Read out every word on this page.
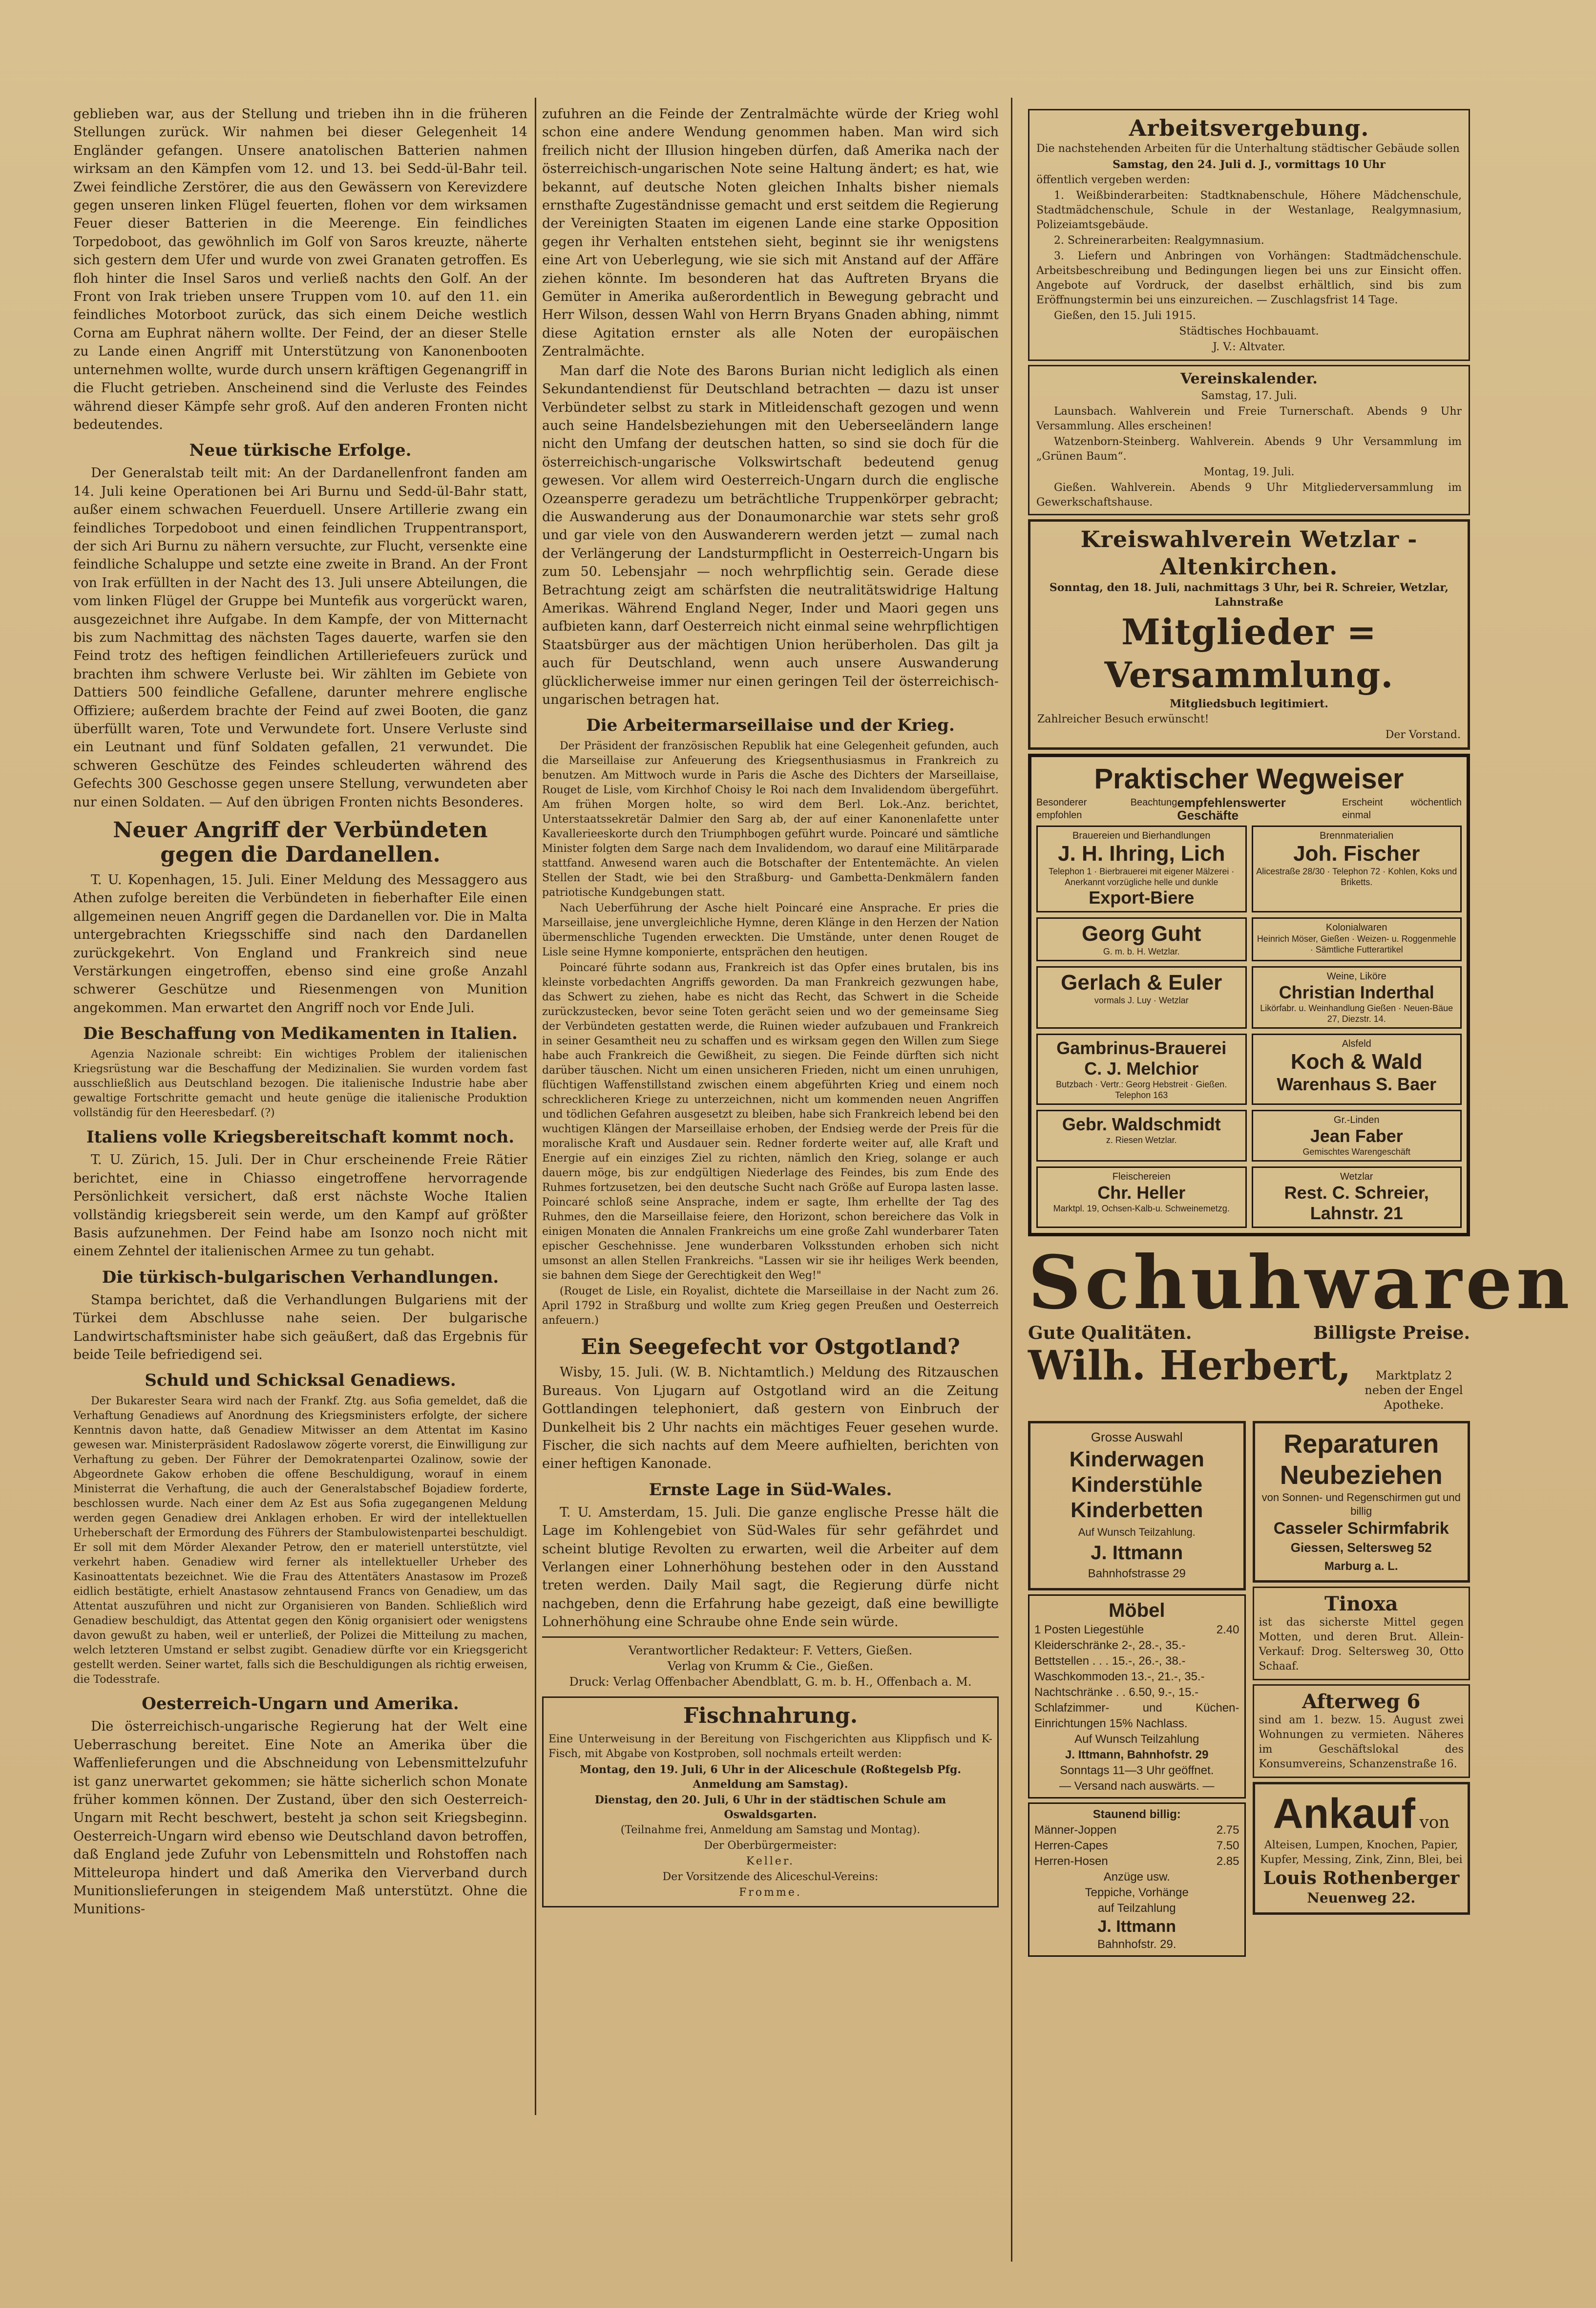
geblieben war, aus der Stellung und trieben ihn in die früheren Stellungen zurück. Wir nahmen bei dieser Gelegenheit 14 Engländer gefangen. Unsere anatolischen Batterien nahmen wirksam an den Kämpfen vom 12. und 13. bei Sedd-ül-Bahr teil. Zwei feindliche Zerstörer, die aus den Gewässern von Kerevizdere gegen unseren linken Flügel feuerten, flohen vor dem wirksamen Feuer dieser Batterien in die Meerenge. Ein feindliches Torpedoboot, das gewöhnlich im Golf von Saros kreuzte, näherte sich gestern dem Ufer und wurde von zwei Granaten getroffen. Es floh hinter die Insel Saros und verließ nachts den Golf. An der Front von Irak trieben unsere Truppen vom 10. auf den 11. ein feindliches Motorboot zurück, das sich einem Deiche westlich Corna am Euphrat nähern wollte. Der Feind, der an dieser Stelle zu Lande einen Angriff mit Unterstützung von Kanonenbooten unternehmen wollte, wurde durch unsern kräftigen Gegenangriff in die Flucht getrieben. Anscheinend sind die Verluste des Feindes während dieser Kämpfe sehr groß. Auf den anderen Fronten nicht bedeutendes.

Neue türkische Erfolge.

Der Generalstab teilt mit: An der Dardanellenfront fanden am 14. Juli keine Operationen bei Ari Burnu und Sedd-ül-Bahr statt, außer einem schwachen Feuerduell. Unsere Artillerie zwang ein feindliches Torpedoboot und einen feindlichen Truppentransport, der sich Ari Burnu zu nähern versuchte, zur Flucht, versenkte eine feindliche Schaluppe und setzte eine zweite in Brand. An der Front von Irak erfüllten in der Nacht des 13. Juli unsere Abteilungen, die vom linken Flügel der Gruppe bei Muntefik aus vorgerückt waren, ausgezeichnet ihre Aufgabe. In dem Kampfe, der von Mitternacht bis zum Nachmittag des nächsten Tages dauerte, warfen sie den Feind trotz des heftigen feindlichen Artilleriefeuers zurück und brachten ihm schwere Verluste bei. Wir zählten im Gebiete von Dattiers 500 feindliche Gefallene, darunter mehrere englische Offiziere; außerdem brachte der Feind auf zwei Booten, die ganz überfüllt waren, Tote und Verwundete fort. Unsere Verluste sind ein Leutnant und fünf Soldaten gefallen, 21 verwundet. Die schweren Geschütze des Feindes schleuderten während des Gefechts 300 Geschosse gegen unsere Stellung, verwundeten aber nur einen Soldaten. — Auf den übrigen Fronten nichts Besonderes.

Neuer Angriff der Verbündeten gegen die Dardanellen.

T. U. Kopenhagen, 15. Juli. Einer Meldung des Messaggero aus Athen zufolge bereiten die Verbündeten in fieberhafter Eile einen allgemeinen neuen Angriff gegen die Dardanellen vor. Die in Malta untergebrachten Kriegsschiffe sind nach den Dardanellen zurückgekehrt. Von England und Frankreich sind neue Verstärkungen eingetroffen, ebenso sind eine große Anzahl schwerer Geschütze und Riesenmengen von Munition angekommen. Man erwartet den Angriff noch vor Ende Juli.

Die Beschaffung von Medikamenten in Italien.

Agenzia Nazionale schreibt: Ein wichtiges Problem der italienischen Kriegsrüstung war die Beschaffung der Medizinalien. Sie wurden vordem fast ausschließlich aus Deutschland bezogen. Die italienische Industrie habe aber gewaltige Fortschritte gemacht und heute genüge die italienische Produktion vollständig für den Heeresbedarf. (?)

Italiens volle Kriegsbereitschaft kommt noch.

T. U. Zürich, 15. Juli. Der in Chur erscheinende Freie Rätier berichtet, eine in Chiasso eingetroffene hervorragende Persönlichkeit versichert, daß erst nächste Woche Italien vollständig kriegsbereit sein werde, um den Kampf auf größter Basis aufzunehmen. Der Feind habe am Isonzo noch nicht mit einem Zehntel der italienischen Armee zu tun gehabt.

Die türkisch-bulgarischen Verhandlungen.

Stampa berichtet, daß die Verhandlungen Bulgariens mit der Türkei dem Abschlusse nahe seien. Der bulgarische Landwirtschaftsminister habe sich geäußert, daß das Ergebnis für beide Teile befriedigend sei.

Schuld und Schicksal Genadiews.

Der Bukarester Seara wird nach der Frankf. Ztg. aus Sofia gemeldet, daß die Verhaftung Genadiews auf Anordnung des Kriegsministers erfolgte, der sichere Kenntnis davon hatte, daß Genadiew Mitwisser an dem Attentat im Kasino gewesen war. Ministerpräsident Radoslawow zögerte vorerst, die Einwilligung zur Verhaftung zu geben. Der Führer der Demokratenpartei Ozalinow, sowie der Abgeordnete Gakow erhoben die offene Beschuldigung, worauf in einem Ministerrat die Verhaftung, die auch der Generalstabschef Bojadiew forderte, beschlossen wurde. Nach einer dem Az Est aus Sofia zugegangenen Meldung werden gegen Genadiew drei Anklagen erhoben. Er wird der intellektuellen Urheberschaft der Ermordung des Führers der Stambulowistenpartei beschuldigt. Er soll mit dem Mörder Alexander Petrow, den er materiell unterstützte, viel verkehrt haben. Genadiew wird ferner als intellektueller Urheber des Kasinoattentats bezeichnet. Wie die Frau des Attentäters Anastasow im Prozeß eidlich bestätigte, erhielt Anastasow zehntausend Francs von Genadiew, um das Attentat auszuführen und nicht zur Organisieren von Banden. Schließlich wird Genadiew beschuldigt, das Attentat gegen den König organisiert oder wenigstens davon gewußt zu haben, weil er unterließ, der Polizei die Mitteilung zu machen, welch letzteren Umstand er selbst zugibt. Genadiew dürfte vor ein Kriegsgericht gestellt werden. Seiner wartet, falls sich die Beschuldigungen als richtig erweisen, die Todesstrafe.

Oesterreich-Ungarn und Amerika.

Die österreichisch-ungarische Regierung hat der Welt eine Ueberraschung bereitet. Eine Note an Amerika über die Waffenlieferungen und die Abschneidung von Lebensmittelzufuhr ist ganz unerwartet gekommen; sie hätte sicherlich schon Monate früher kommen können. Der Zustand, über den sich Oesterreich-Ungarn mit Recht beschwert, besteht ja schon seit Kriegsbeginn. Oesterreich-Ungarn wird ebenso wie Deutschland davon betroffen, daß England jede Zufuhr von Lebensmitteln und Rohstoffen nach Mitteleuropa hindert und daß Amerika den Vierverband durch Munitionslieferungen in steigendem Maß unterstützt. Ohne die Munitions-

zufuhren an die Feinde der Zentralmächte würde der Krieg wohl schon eine andere Wendung genommen haben. Man wird sich freilich nicht der Illusion hingeben dürfen, daß Amerika nach der österreichisch-ungarischen Note seine Haltung ändert; es hat, wie bekannt, auf deutsche Noten gleichen Inhalts bisher niemals ernsthafte Zugeständnisse gemacht und erst seitdem die Regierung der Vereinigten Staaten im eigenen Lande eine starke Opposition gegen ihr Verhalten entstehen sieht, beginnt sie ihr wenigstens eine Art von Ueberlegung, wie sie sich mit Anstand auf der Affäre ziehen könnte. Im besonderen hat das Auftreten Bryans die Gemüter in Amerika außerordentlich in Bewegung gebracht und Herr Wilson, dessen Wahl von Herrn Bryans Gnaden abhing, nimmt diese Agitation ernster als alle Noten der europäischen Zentralmächte.

Man darf die Note des Barons Burian nicht lediglich als einen Sekundantendienst für Deutschland betrachten — dazu ist unser Verbündeter selbst zu stark in Mitleidenschaft gezogen und wenn auch seine Handelsbeziehungen mit den Ueberseeländern lange nicht den Umfang der deutschen hatten, so sind sie doch für die österreichisch-ungarische Volkswirtschaft bedeutend genug gewesen. Vor allem wird Oesterreich-Ungarn durch die englische Ozeansperre geradezu um beträchtliche Truppenkörper gebracht; die Auswanderung aus der Donaumonarchie war stets sehr groß und gar viele von den Auswanderern werden jetzt — zumal nach der Verlängerung der Landsturmpflicht in Oesterreich-Ungarn bis zum 50. Lebensjahr — noch wehrpflichtig sein. Gerade diese Betrachtung zeigt am schärfsten die neutralitätswidrige Haltung Amerikas. Während England Neger, Inder und Maori gegen uns aufbieten kann, darf Oesterreich nicht einmal seine wehrpflichtigen Staatsbürger aus der mächtigen Union herüberholen. Das gilt ja auch für Deutschland, wenn auch unsere Auswanderung glücklicherweise immer nur einen geringen Teil der österreichisch-ungarischen betragen hat.

Die Arbeitermarseillaise und der Krieg.

Der Präsident der französischen Republik hat eine Gelegenheit gefunden, auch die Marseillaise zur Anfeuerung des Kriegsenthusiasmus in Frankreich zu benutzen. Am Mittwoch wurde in Paris die Asche des Dichters der Marseillaise, Rouget de Lisle, vom Kirchhof Choisy le Roi nach dem Invalidendom übergeführt. Am frühen Morgen holte, so wird dem Berl. Lok.-Anz. berichtet, Unterstaatssekretär Dalmier den Sarg ab, der auf einer Kanonenlafette unter Kavallerieeskorte durch den Triumphbogen geführt wurde. Poincaré und sämtliche Minister folgten dem Sarge nach dem Invalidendom, wo darauf eine Militärparade stattfand. Anwesend waren auch die Botschafter der Ententemächte. An vielen Stellen der Stadt, wie bei den Straßburg- und Gambetta-Denkmälern fanden patriotische Kundgebungen statt.

Nach Ueberführung der Asche hielt Poincaré eine Ansprache. Er pries die Marseillaise, jene unvergleichliche Hymne, deren Klänge in den Herzen der Nation übermenschliche Tugenden erweckten. Die Umstände, unter denen Rouget de Lisle seine Hymne komponierte, entsprächen den heutigen.

Poincaré führte sodann aus, Frankreich ist das Opfer eines brutalen, bis ins kleinste vorbedachten Angriffs geworden. Da man Frankreich gezwungen habe, das Schwert zu ziehen, habe es nicht das Recht, das Schwert in die Scheide zurückzustecken, bevor seine Toten gerächt seien und wo der gemeinsame Sieg der Verbündeten gestatten werde, die Ruinen wieder aufzubauen und Frankreich in seiner Gesamtheit neu zu schaffen und es wirksam gegen den Willen zum Siege habe auch Frankreich die Gewißheit, zu siegen. Die Feinde dürften sich nicht darüber täuschen. Nicht um einen unsicheren Frieden, nicht um einen unruhigen, flüchtigen Waffenstillstand zwischen einem abgeführten Krieg und einem noch schrecklicheren Kriege zu unterzeichnen, nicht um kommenden neuen Angriffen und tödlichen Gefahren ausgesetzt zu bleiben, habe sich Frankreich lebend bei den wuchtigen Klängen der Marseillaise erhoben, der Endsieg werde der Preis für die moralische Kraft und Ausdauer sein. Redner forderte weiter auf, alle Kraft und Energie auf ein einziges Ziel zu richten, nämlich den Krieg, solange er auch dauern möge, bis zur endgültigen Niederlage des Feindes, bis zum Ende des Ruhmes fortzusetzen, bei den deutsche Sucht nach Größe auf Europa lasten lasse. Poincaré schloß seine Ansprache, indem er sagte, Ihm erhellte der Tag des Ruhmes, den die Marseillaise feiere, den Horizont, schon bereichere das Volk in einigen Monaten die Annalen Frankreichs um eine große Zahl wunderbarer Taten epischer Geschehnisse. Jene wunderbaren Volksstunden erhoben sich nicht umsonst an allen Stellen Frankreichs. "Lassen wir sie ihr heiliges Werk beenden, sie bahnen dem Siege der Gerechtigkeit den Weg!"

(Rouget de Lisle, ein Royalist, dichtete die Marseillaise in der Nacht zum 26. April 1792 in Straßburg und wollte zum Krieg gegen Preußen und Oesterreich anfeuern.)

Ein Seegefecht vor Ostgotland?

Wisby, 15. Juli. (W. B. Nichtamtlich.) Meldung des Ritzauschen Bureaus. Von Ljugarn auf Ostgotland wird an die Zeitung Gottlandingen telephoniert, daß gestern von Einbruch der Dunkelheit bis 2 Uhr nachts ein mächtiges Feuer gesehen wurde. Fischer, die sich nachts auf dem Meere aufhielten, berichten von einer heftigen Kanonade.

Ernste Lage in Süd-Wales.

T. U. Amsterdam, 15. Juli. Die ganze englische Presse hält die Lage im Kohlengebiet von Süd-Wales für sehr gefährdet und scheint blutige Revolten zu erwarten, weil die Arbeiter auf dem Verlangen einer Lohnerhöhung bestehen oder in den Ausstand treten werden. Daily Mail sagt, die Regierung dürfe nicht nachgeben, denn die Erfahrung habe gezeigt, daß eine bewilligte Lohnerhöhung eine Schraube ohne Ende sein würde.

Verantwortlicher Redakteur: F. Vetters, Gießen.
Verlag von Krumm & Cie., Gießen.
Druck: Verlag Offenbacher Abendblatt, G. m. b. H., Offenbach a. M.
Fischnahrung.

Eine Unterweisung in der Bereitung von Fischgerichten aus Klippfisch und K-Fisch, mit Abgabe von Kostproben, soll nochmals erteilt werden:

Montag, den 19. Juli, 6 Uhr in der Aliceschule (Roßtegelsb Pfg. Anmeldung am Samstag).

Dienstag, den 20. Juli, 6 Uhr in der städtischen Schule am Oswaldsgarten.

(Teilnahme frei, Anmeldung am Samstag und Montag).

Der Oberbürgermeister:

Keller.

Der Vorsitzende des Aliceschul-Vereins:

Fromme.

Arbeitsvergebung.

Die nachstehenden Arbeiten für die Unterhaltung städtischer Gebäude sollen

Samstag, den 24. Juli d. J., vormittags 10 Uhr

öffentlich vergeben werden:

1. Weißbinderarbeiten: Stadtknabenschule, Höhere Mädchenschule, Stadtmädchenschule, Schule in der Westanlage, Realgymnasium, Polizeiamtsgebäude.

2. Schreinerarbeiten: Realgymnasium.

3. Liefern und Anbringen von Vorhängen: Stadtmädchenschule. Arbeitsbeschreibung und Bedingungen liegen bei uns zur Einsicht offen. Angebote auf Vordruck, der daselbst erhältlich, sind bis zum Eröffnungstermin bei uns einzureichen. — Zuschlagsfrist 14 Tage.

Gießen, den 15. Juli 1915.

Städtisches Hochbauamt.

J. V.: Altvater.

Vereinskalender.

Samstag, 17. Juli.

Launsbach. Wahlverein und Freie Turnerschaft. Abends 9 Uhr Versammlung. Alles erscheinen!

Watzenborn-Steinberg. Wahlverein. Abends 9 Uhr Versammlung im „Grünen Baum“.

Montag, 19. Juli.

Gießen. Wahlverein. Abends 9 Uhr Mitgliederversammlung im Gewerkschaftshause.

Kreiswahlverein Wetzlar - Altenkirchen.

Sonntag, den 18. Juli, nachmittags 3 Uhr, bei R. Schreier, Wetzlar, Lahnstraße

Mitglieder = Versammlung.

Mitgliedsbuch legitimiert.

Zahlreicher Besuch erwünscht!

Der Vorstand.

Praktischer Wegweiser
Besonderer Beachtung empfohlen
empfehlenswerter Geschäfte
Erscheint wöchentlich einmal
Brauereien und Bierhandlungen
J. H. Ihring, Lich
Telephon 1 · Bierbrauerei mit eigener Mälzerei · Anerkannt vorzügliche helle und dunkle
Export-Biere
Brennmaterialien
Joh. Fischer
Alicestraße 28/30 · Telephon 72 · Kohlen, Koks und Briketts.
Georg Guht
G. m. b. H. Wetzlar.
Kolonialwaren
Heinrich Möser, Gießen · Weizen- u. Roggenmehle · Sämtliche Futterartikel
Gerlach & Euler
vormals J. Luy · Wetzlar
Weine, Liköre
Christian Inderthal
Likörfabr. u. Weinhandlung Gießen · Neuen-Bäue 27, Diezstr. 14.
Gambrinus-Brauerei
C. J. Melchior
Butzbach · Vertr.: Georg Hebstreit · Gießen. Telephon 163
Alsfeld
Koch & Wald
Warenhaus S. Baer
Gebr. Waldschmidt
z. Riesen Wetzlar.
Gr.-Linden
Jean Faber
Gemischtes Warengeschäft
Fleischereien
Chr. Heller
Marktpl. 19, Ochsen-Kalb-u. Schweinemetzg.
Wetzlar
Rest. C. Schreier, Lahnstr. 21
Schuhwaren
Gute Qualitäten.	Billigste Preise.
Wilh. Herbert,	Marktplatz 2 neben der Engel Apotheke.
Grosse Auswahl
Kinderwagen
Kinderstühle
Kinderbetten
Auf Wunsch Teilzahlung.
J. Ittmann
Bahnhofstrasse 29
Möbel
1 Posten Liegestühle	2.40
Kleiderschränke 2-, 28.-, 35.-
Bettstellen . . . 15.-, 26.-, 38.-
Waschkommoden 13.-, 21.-, 35.-
Nachtschränke . . 6.50, 9.-, 15.-
Schlafzimmer- und Küchen-Einrichtungen 15% Nachlass.
Auf Wunsch Teilzahlung
J. Ittmann, Bahnhofstr. 29
Sonntags 11—3 Uhr geöffnet.
— Versand nach auswärts. —
Staunend billig:
Männer-Joppen	2.75
Herren-Capes	7.50
Herren-Hosen	2.85
Anzüge usw.
Teppiche, Vorhänge
auf Teilzahlung
J. Ittmann
Bahnhofstr. 29.
Reparaturen
Neubeziehen
von Sonnen- und Regenschirmen gut und billig
Casseler Schirmfabrik
Giessen, Seltersweg 52
Marburg a. L.
Tinoxa
ist das sicherste Mittel gegen Motten, und deren Brut. Allein-Verkauf: Drog. Seltersweg 30, Otto Schaaf.
Afterweg 6
sind am 1. bezw. 15. August zwei Wohnungen zu vermieten. Näheres im Geschäftslokal des Konsumvereins, Schanzenstraße 16.
Ankauf von
Alteisen, Lumpen, Knochen, Papier, Kupfer, Messing, Zink, Zinn, Blei, bei
Louis Rothenberger
Neuenweg 22.
